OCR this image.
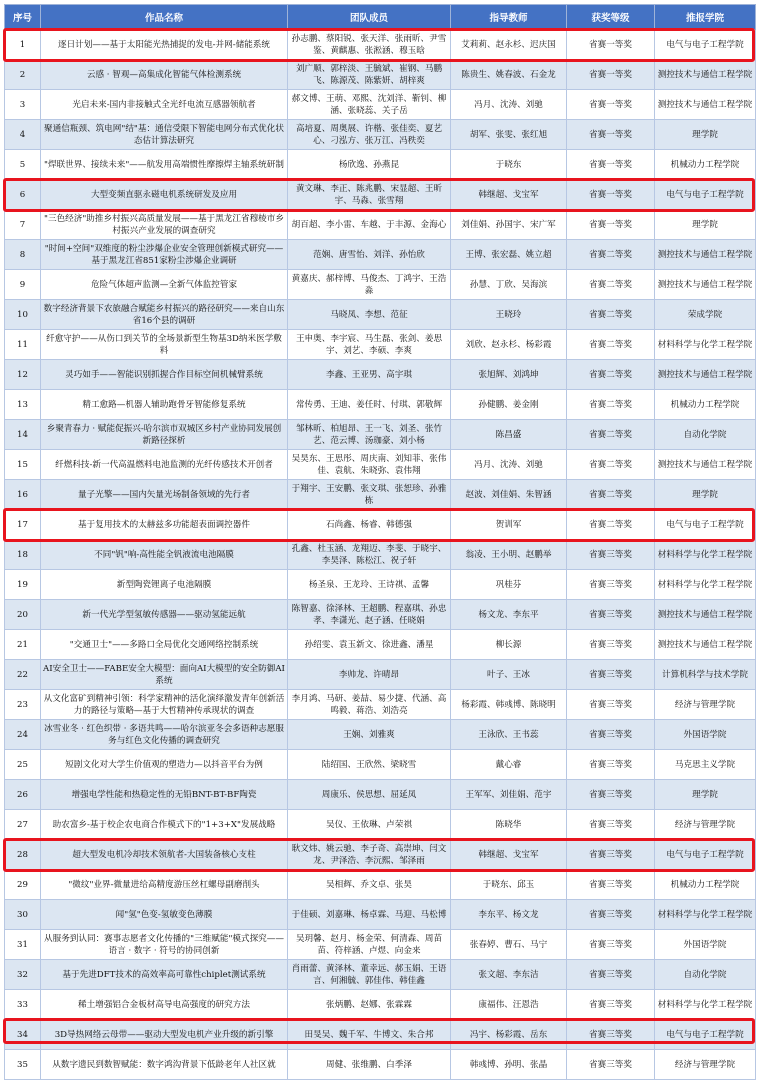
序号	作品名称	团队成员	指导教师	获奖等级	推报学院
1	逐日计划——基于太阳能光热捕捉的发电-并网-储能系统	孙志鹏、蔡阳锐、张天洋、张雨昕、尹雪鉴、黄麒惠、张淞涵、穆玉晗	艾莉莉、赵永杉、迟庆国	省赛一等奖	电气与电子工程学院
2	云感 · 智观—高集成化智能气体检测系统	刘广顺、郭梓淡、王毓斌、崔钢、马鹏飞、陈源茂、陈紫妍、胡梓爽	陈贵生、姚春波、石金龙	省赛一等奖	测控技术与通信工程学院
3	光启未来-国内非接触式全光纤电流互感器领航者	郝文博、王萌、邓熙、沈刘洋、靳钊、柳涵、张晓蕊、关子岳	冯月、沈涛、刘驰	省赛一等奖	测控技术与通信工程学院
4	聚通信瓶颈、筑电网"结"基：通信受限下智能电网分布式优化状态估计算法研究	高培夏、周奥展、许楷、张佳奕、夏艺心、刁泓方、张万江、冯秩奕	胡军、张雯、张红旭	省赛一等奖	理学院
5	"焊联世界、接续未来"——航发用高端惯性摩擦焊主轴系统研制	杨欣逸、孙燕昆	于晓东	省赛一等奖	机械动力工程学院
6	大型变频直驱永磁电机系统研发及应用	黄文琳、李正、陈兆鹏、宋显超、王昕宇、马淼、张雪翔	韩继超、戈宝军	省赛一等奖	电气与电子工程学院
7	"三色经济"助推乡村振兴高质量发展——基于黑龙江省穆棱市乡村振兴产业发展的调查研究	胡百超、李小雷、车越、于丰源、金海心	刘佳娟、孙国宇、宋广军	省赛一等奖	理学院
8	"时间+空间"双维度的粉尘涉爆企业安全管理创新模式研究——基于黑龙江省851家粉尘涉爆企业调研	范娴、唐雪怡、刘洋、孙怡欣	王博、张宏磊、姚立超	省赛二等奖	测控技术与通信工程学院
9	危险气体超声监测—全新气体监控管家	黄嘉庆、郝梓博、马俊杰、丁鸿宇、王浩淼	孙慧、丁欣、吴海滨	省赛二等奖	测控技术与通信工程学院
10	数字经济背景下农旅融合赋能乡村振兴的路径研究——来自山东省16个县的调研	马晓凤、李想、范征	王晓玲	省赛二等奖	荣成学院
11	纤愈守护——从伤口到关节的全场景新型生物基3D纳米医学敷料	王申奥、李宇宸、马生磊、张剑、姜思宇、刘艺、李硕、李爽	刘欣、赵永杉、杨彩霞	省赛二等奖	材料科学与化学工程学院
12	灵巧如手——智能识别抓握合作目标空间机械臂系统	李鑫、王亚男、高宇琪	张旭辉、刘鸿坤	省赛二等奖	测控技术与通信工程学院
13	精工愈路—机器人辅助跑骨牙智能修复系统	常传勇、王迪、姜任时、付琪、郭敬辉	孙健鹏、姜金刚	省赛二等奖	机械动力工程学院
14	乡聚青春力 · 赋能促振兴-哈尔滨市双城区乡村产业协同发展创新路径探析	邹林昕、柏旭昂、王一飞、刘圣、张竹艺、范云博、汤珈豪、刘小杨	陈昌盛	省赛二等奖	自动化学院
15	纤燃科技-新一代高温燃料电池监测的光纤传感技术开创者	吴昊东、王思彤、周庆南、刘知菲、张伟佳、袁航、朱晓弥、袁伟翔	冯月、沈涛、刘驰	省赛二等奖	测控技术与通信工程学院
16	量子光擎——国内矢量光场制备领域的先行者	于翔宇、王安鹏、张文琪、张恕珍、孙雅栋	赵波、刘佳娟、朱智涵	省赛二等奖	理学院
17	基于复用技术的太赫兹多功能超表面调控器件	石尚鑫、杨睿、韩德强	贺训军	省赛二等奖	电气与电子工程学院
18	不同"钒"响-高性能全钒液流电池隔膜	孔鑫、杜玉涵、龙翔迈、李斐、于晓宇、李昊泽、陈松江、祝子轩	翁凌、王小明、赵鹏举	省赛三等奖	材料科学与化学工程学院
19	新型陶瓷锂离子电池隔膜	杨圣泉、王龙玲、王诗祺、孟馨	巩桂芬	省赛三等奖	材料科学与化学工程学院
20	新一代光学型氢敏传感器——驱动氢能远航	陈智嘉、徐泽林、王超鹏、程嘉琪、孙忠孝、李潇光、赵子涵、任晓娟	杨文龙、李东平	省赛三等奖	测控技术与通信工程学院
21	"交通卫士"——多路口全局优化交通网络控制系统	孙绍雯、袁玉新文、徐进鑫、潘星	柳长源	省赛三等奖	测控技术与通信工程学院
22	AI安全卫士——FABE安全大模型：面向AI大模型的安全防御AI系统	李帅龙、许晴昂	叶子、王冰	省赛三等奖	计算机科学与技术学院
23	从文化富矿到精神引领：科学家精神的活化演绎激发青年创新活力的路径与策略—基于大哲精神传承现状的调查	李月鸿、马研、姜喆、易少捷、代涵、高鸣毅、蒋浩、刘浩亮	杨彩霞、韩彧博、陈晓明	省赛三等奖	经济与管理学院
24	冰雪业冬 · 红色织带 · 多语共鸣——哈尔滨亚冬会多语种志愿服务与红色文化传播的调查研究	王娴、刘雅爽	王泳欣、王书蕊	省赛三等奖	外国语学院
25	短剧文化对大学生价值观的塑造力—以抖音平台为例	陆绍国、王欣然、梁晓雪	戴心睿	省赛三等奖	马克思主义学院
26	增强电学性能和热稳定性的无铅BNT-BT-BF陶瓷	周康乐、侯思想、屈延凤	王军军、刘佳娟、范宇	省赛三等奖	理学院
27	助农富乡-基于校企农电商合作模式下的"1+3+X"发展战略	吴仪、王依琳、卢荣祺	陈晓华	省赛三等奖	经济与管理学院
28	超大型发电机冷却技术领航者-大国装备核心支柱	耿文炜、姚云驰、李子奇、高崇坤、闫文龙、尹泽浩、李沅熙、邹泽雨	韩继超、戈宝军	省赛三等奖	电气与电子工程学院
29	"微纹"业界-微量进给高精度游压丝杠螺母副磨削头	吴相辉、乔文卓、张昊	于晓东、邱玉	省赛三等奖	机械动力工程学院
30	闻"氢"色变-氢敏变色薄膜	于佳硕、刘嘉琳、杨卓霖、马迎、马松博	李东平、杨文龙	省赛三等奖	材料科学与化学工程学院
31	从服务到认同：赛事志愿者文化传播的"三维赋能"模式探究——语言 · 数字 · 符号的协同创新	吴玥馨、赵月、杨金荣、何清森、周苗苗、符梓涵、卢煜、向金来	张春婷、曹石、马宁	省赛三等奖	外国语学院
32	基于先进DFT技术的高效率高可靠性chiplet测试系统	肖雨蕾、黄泽林、董幸远、郝玉娟、王语言、何湘毓、郭佳伟、韩佳鑫	张文超、李东洁	省赛三等奖	自动化学院
33	稀土增强铝合金板材高导电高强度的研究方法	张炳鹏、赵娜、张霖霖	康福伟、汪恩浩	省赛三等奖	材料科学与化学工程学院
34	3D导热网络云母带——驱动大型发电机产业升级的新引擎	田旻吴、魏千军、牛博文、朱合邦	冯宇、杨彩霞、岳东	省赛三等奖	电气与电子工程学院
35	从数字遗民到数智赋能：数字鸿沟背景下低龄老年人社区就	周健、张维鹏、白季泽	韩彧博、孙明、张晶	省赛三等奖	经济与管理学院
